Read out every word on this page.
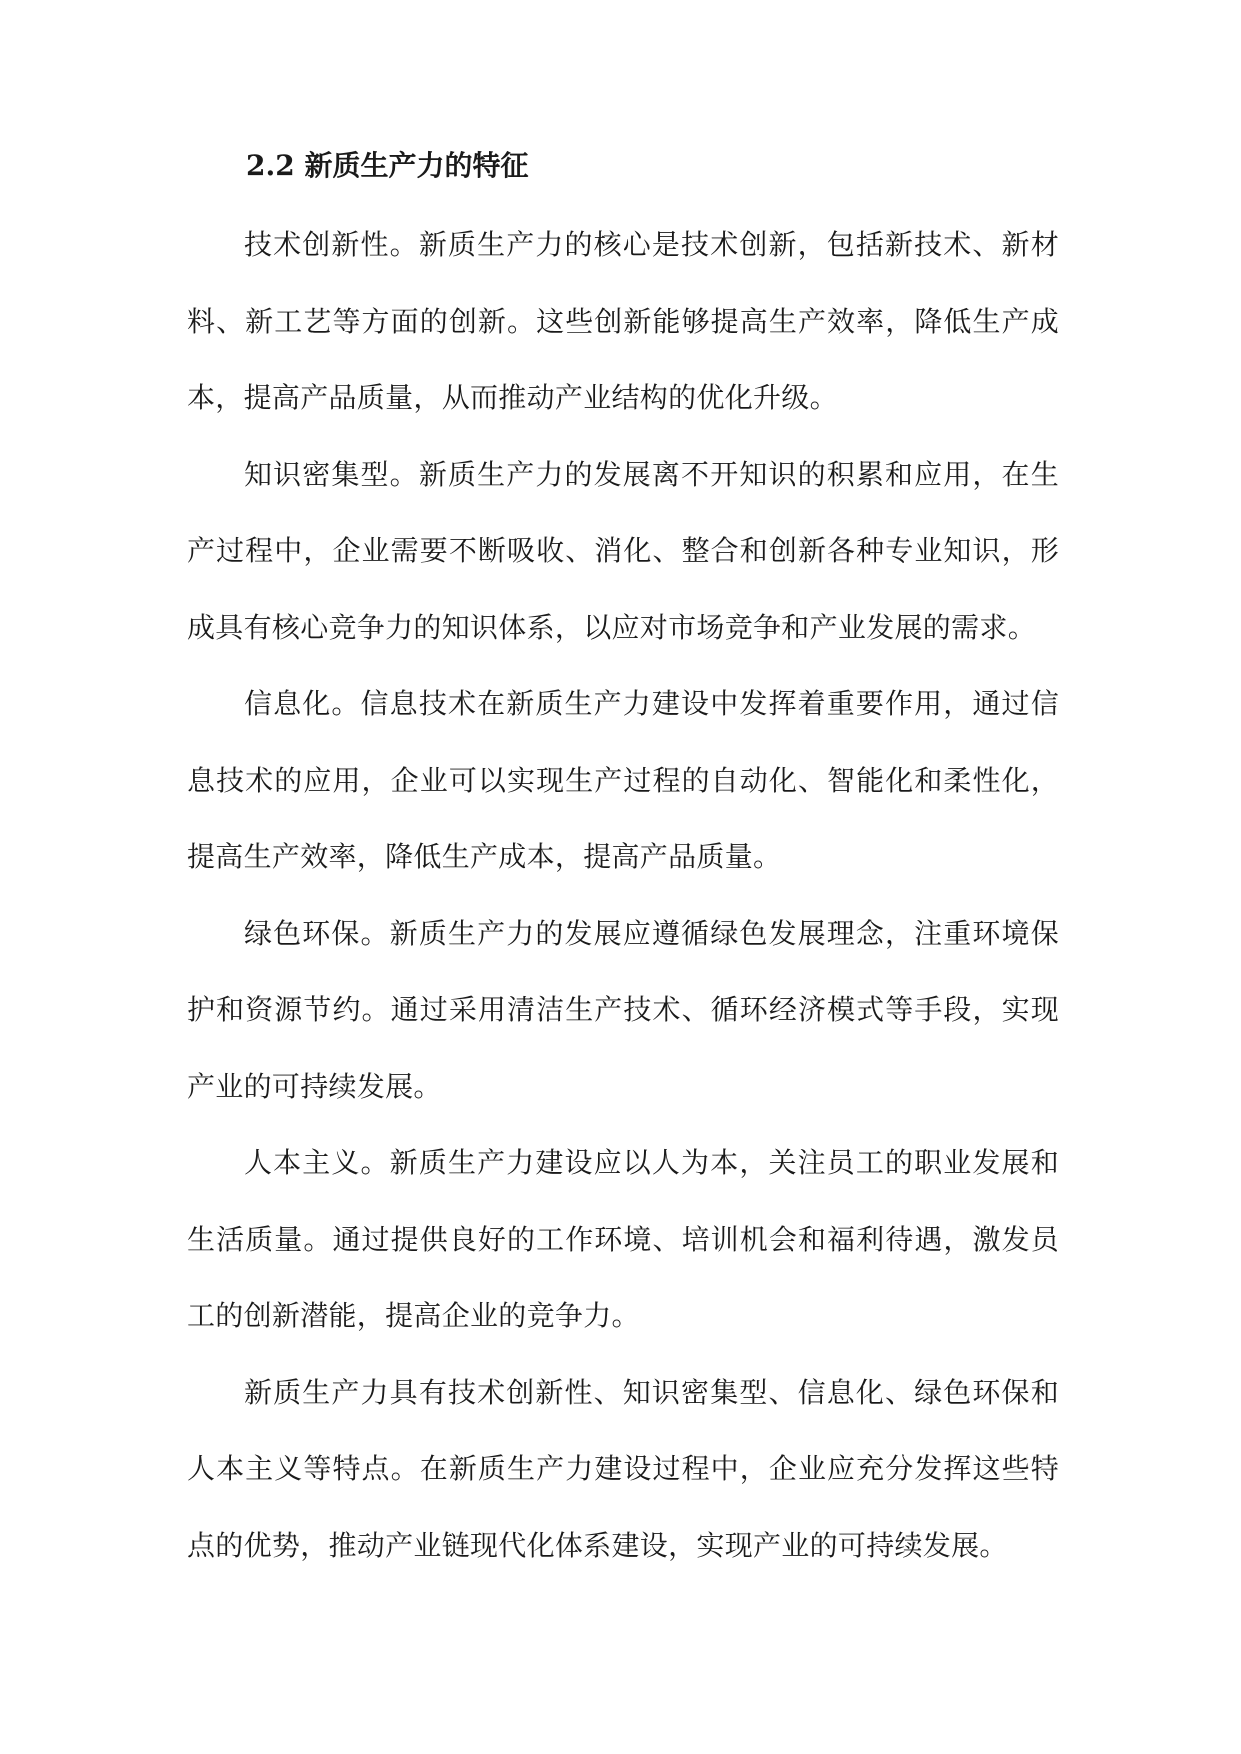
2.2 新质生产力的特征

技术创新性。新质生产力的核心是技术创新，包括新技术、新材料、新工艺等方面的创新。这些创新能够提高生产效率，降低生产成本，提高产品质量，从而推动产业结构的优化升级。

知识密集型。新质生产力的发展离不开知识的积累和应用，在生产过程中，企业需要不断吸收、消化、整合和创新各种专业知识，形成具有核心竞争力的知识体系，以应对市场竞争和产业发展的需求。

信息化。信息技术在新质生产力建设中发挥着重要作用，通过信息技术的应用，企业可以实现生产过程的自动化、智能化和柔性化，提高生产效率，降低生产成本，提高产品质量。

绿色环保。新质生产力的发展应遵循绿色发展理念，注重环境保护和资源节约。通过采用清洁生产技术、循环经济模式等手段，实现产业的可持续发展。

人本主义。新质生产力建设应以人为本，关注员工的职业发展和生活质量。通过提供良好的工作环境、培训机会和福利待遇，激发员工的创新潜能，提高企业的竞争力。

新质生产力具有技术创新性、知识密集型、信息化、绿色环保和人本主义等特点。在新质生产力建设过程中，企业应充分发挥这些特点的优势，推动产业链现代化体系建设，实现产业的可持续发展。
